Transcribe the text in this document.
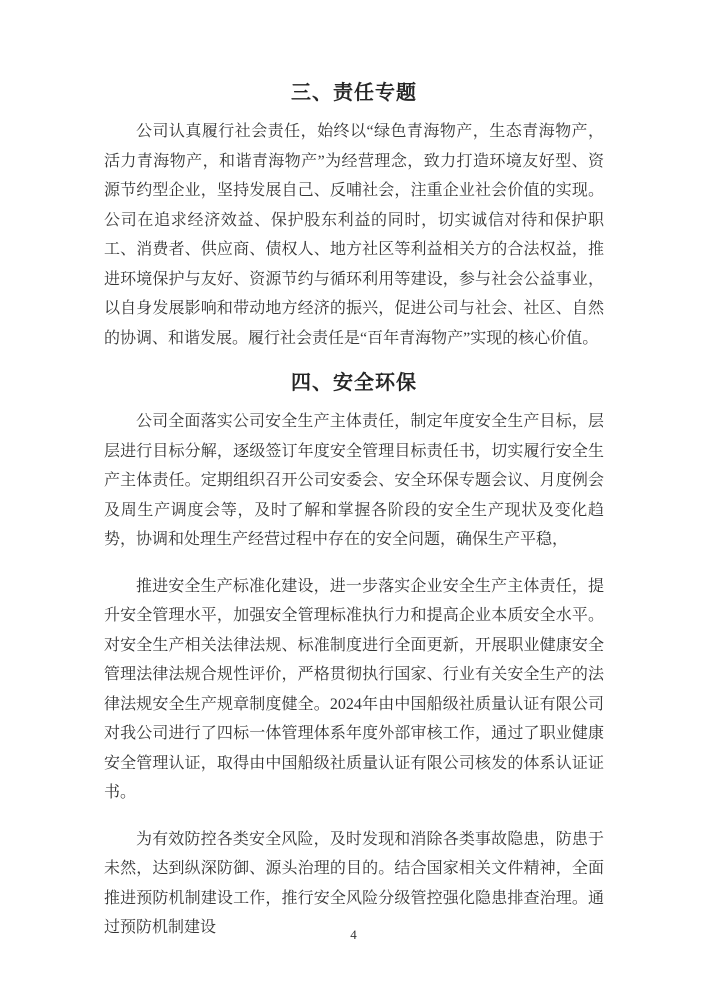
三、责任专题

公司认真履行社会责任，始终以“绿色青海物产，生态青海物产，活力青海物产，和谐青海物产”为经营理念，致力打造环境友好型、资源节约型企业，坚持发展自己、反哺社会，注重企业社会价值的实现。公司在追求经济效益、保护股东利益的同时，切实诚信对待和保护职工、消费者、供应商、债权人、地方社区等利益相关方的合法权益，推进环境保护与友好、资源节约与循环利用等建设，参与社会公益事业，以自身发展影响和带动地方经济的振兴，促进公司与社会、社区、自然的协调、和谐发展。履行社会责任是“百年青海物产”实现的核心价值。

四、安全环保

公司全面落实公司安全生产主体责任，制定年度安全生产目标，层层进行目标分解，逐级签订年度安全管理目标责任书，切实履行安全生产主体责任。定期组织召开公司安委会、安全环保专题会议、月度例会及周生产调度会等，及时了解和掌握各阶段的安全生产现状及变化趋势，协调和处理生产经营过程中存在的安全问题，确保生产平稳，

推进安全生产标准化建设，进一步落实企业安全生产主体责任，提升安全管理水平，加强安全管理标准执行力和提高企业本质安全水平。对安全生产相关法律法规、标准制度进行全面更新，开展职业健康安全管理法律法规合规性评价，严格贯彻执行国家、行业有关安全生产的法律法规安全生产规章制度健全。2024年由中国船级社质量认证有限公司对我公司进行了四标一体管理体系年度外部审核工作，通过了职业健康安全管理认证，取得由中国船级社质量认证有限公司核发的体系认证证书。

为有效防控各类安全风险，及时发现和消除各类事故隐患，防患于未然，达到纵深防御、源头治理的目的。结合国家相关文件精神，全面推进预防机制建设工作，推行安全风险分级管控强化隐患排查治理。通过预防机制建设	4
